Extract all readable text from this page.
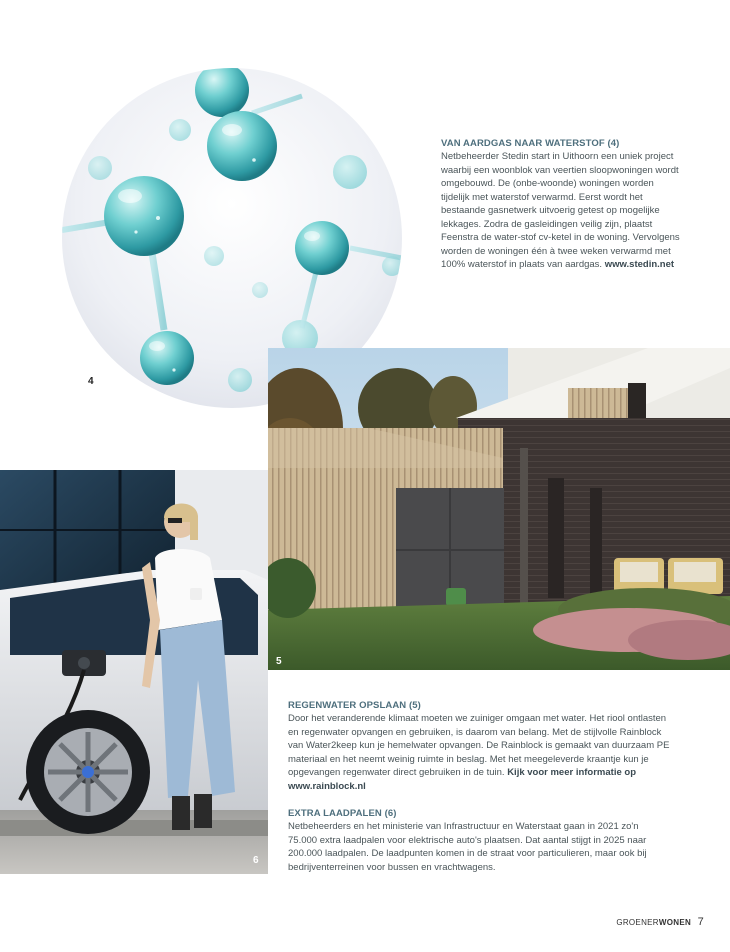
4

VAN AARDGAS NAAR WATERSTOF (4)

Netbeheerder Stedin start in Uithoorn een uniek project waarbij een woonblok van veertien sloopwoningen wordt omgebouwd. De (onbe-woonde) woningen worden tijdelijk met waterstof verwarmd. Eerst wordt het bestaande gasnetwerk uitvoerig getest op mogelijke lekkages. Zodra de gasleidingen veilig zijn, plaatst Feenstra de water-stof cv-ketel in de woning. Vervolgens worden de woningen één à twee weken verwarmd met 100% waterstof in plaats van aardgas. www.stedin.net

5
6

REGENWATER OPSLAAN (5)

Door het veranderende klimaat moeten we zuiniger omgaan met water. Het riool ontlasten en regenwater opvangen en gebruiken, is daarom van belang. Met de stijlvolle Rainblock van Water2keep kun je hemelwater opvangen. De Rainblock is gemaakt van duurzaam PE materiaal en het neemt weinig ruimte in beslag. Met het meegeleverde kraantje kun je opgevangen regenwater direct gebruiken in de tuin. Kijk voor meer informatie op www.rainblock.nl

EXTRA LAADPALEN (6)

Netbeheerders en het ministerie van Infrastructuur en Waterstaat gaan in 2021 zo'n 75.000 extra laadpalen voor elektrische auto's plaatsen. Dat aantal stijgt in 2025 naar 200.000 laadpalen. De laadpunten komen in de straat voor particulieren, maar ook bij bedrijventerreinen voor bussen en vrachtwagens.

GROENERWONEN 7
